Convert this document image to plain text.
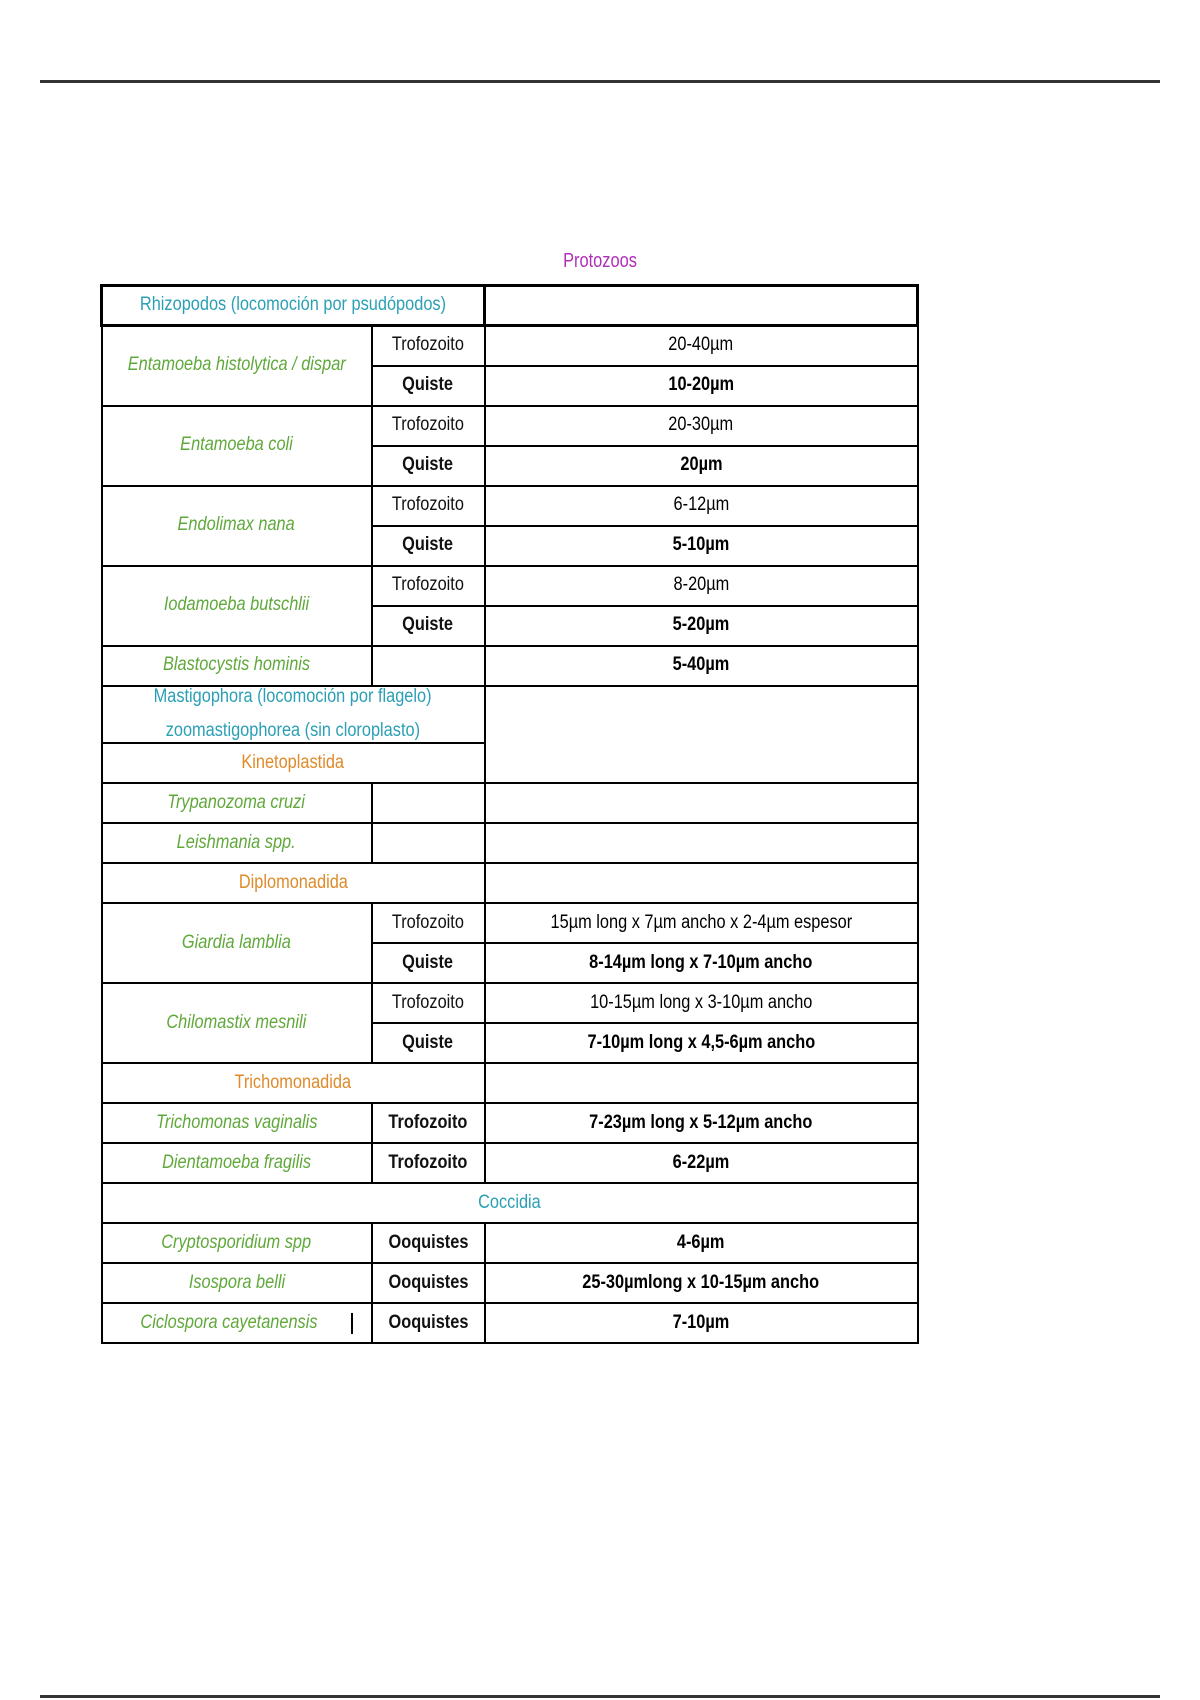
Protozoos
Rhizopodos (locomoción por psudópodos)		
Entamoeba histolytica / dispar	Trofozoito	20-40µm
	Quiste	10-20µm
Entamoeba coli	Trofozoito	20-30µm
	Quiste	20µm
Endolimax nana	Trofozoito	6-12µm
	Quiste	5-10µm
Iodamoeba butschlii	Trofozoito	8-20µm
	Quiste	5-20µm
Blastocystis hominis		5-40µm

Mastigophora (locomoción por flagelo)
zoomastigophorea (sin cloroplasto)		

Kinetoplastida		
Trypanozoma cruzi		
Leishmania spp.		
Diplomonadida		
Giardia lamblia	Trofozoito	15µm long x 7µm ancho x 2-4µm espesor
	Quiste	8-14µm long x 7-10µm ancho
Chilomastix mesnili	Trofozoito	10-15µm long x 3-10µm ancho
	Quiste	7-10µm long x 4,5-6µm ancho
Trichomonadida		
Trichomonas vaginalis	Trofozoito	7-23µm long x 5-12µm ancho
Dientamoeba fragilis	Trofozoito	6-22µm
Coccidia		
Cryptosporidium spp	Ooquistes	4-6µm
Isospora belli	Ooquistes	25-30µmlong x 10-15µm ancho

Ciclospora cayetanensis	Ooquistes	7-10µm
